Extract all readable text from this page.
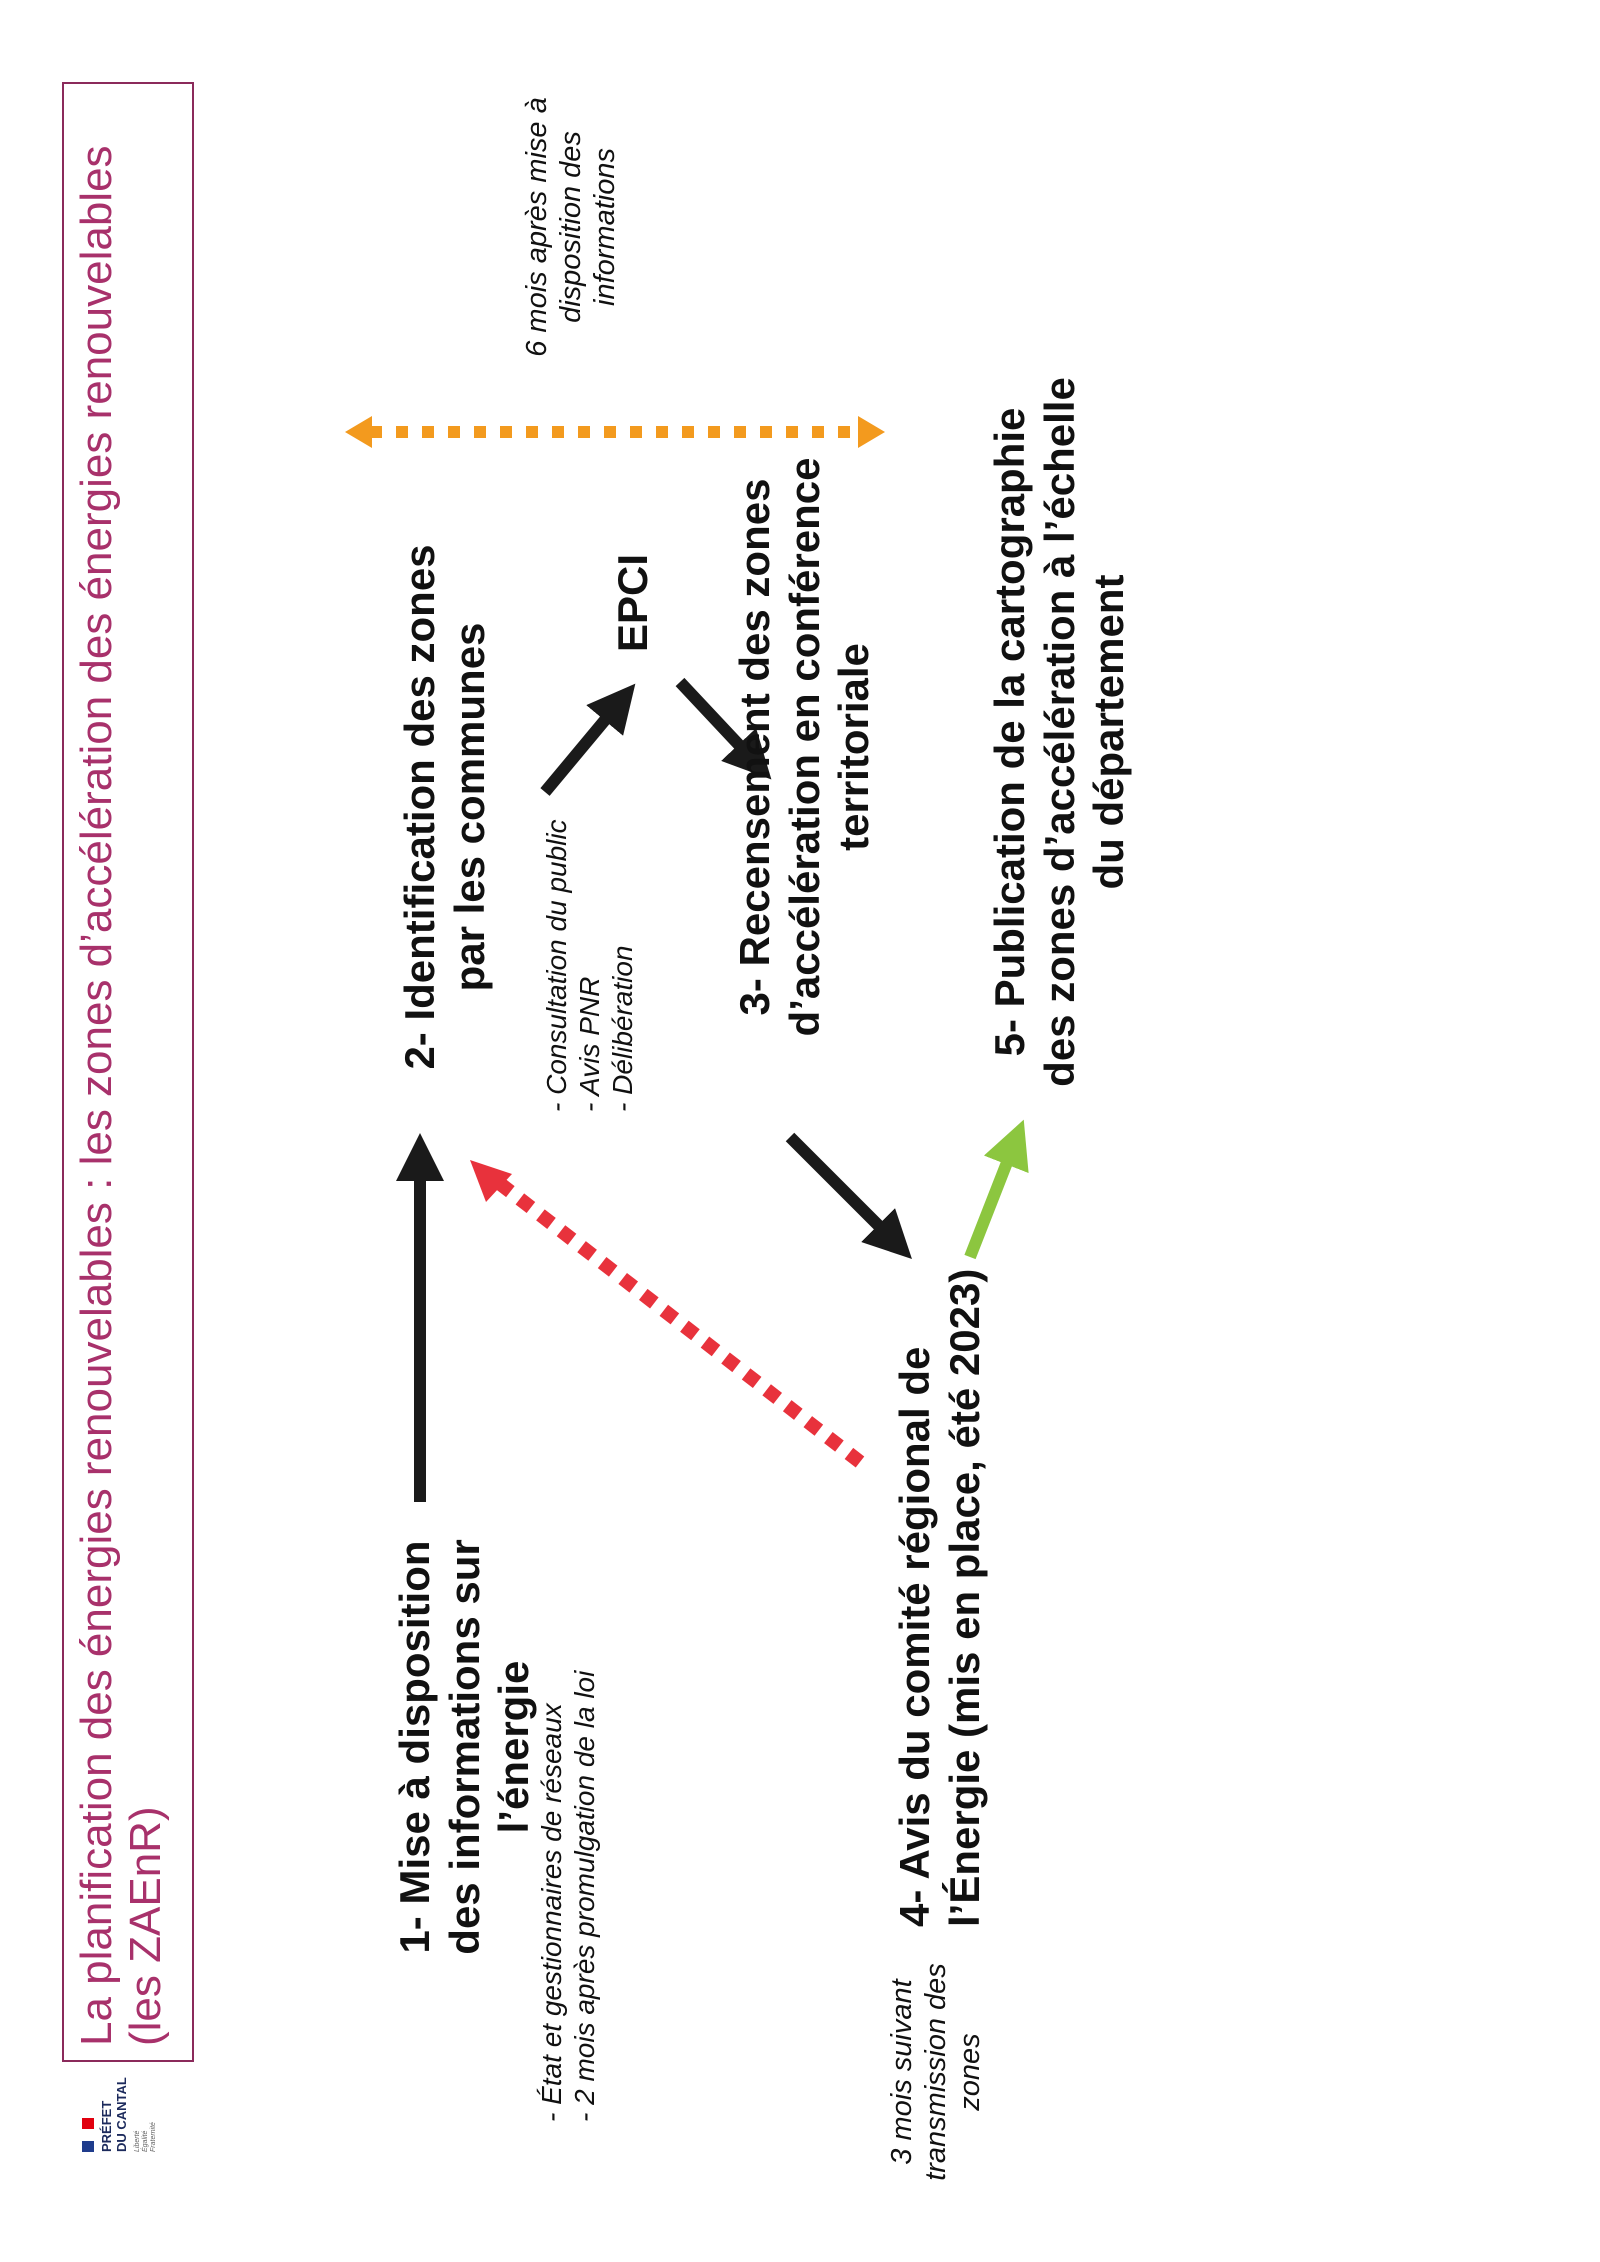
PRÉFET DU CANTAL Liberté Égalité Fraternité
La planification des énergies renouvelables : les zones d’accélération des énergies renouvelables (les ZAEnR)	1- Mise à disposition des informations sur l’énergie
- État et gestionnaires de réseaux - 2 mois après promulgation de la loi
2- Identification des zones par les communes - Consultation du public - Avis PNR - Délibération
EPCI 3- Recensement des zones d’accélération en conférence territoriale
4- Avis du comité régional de l’Énergie (mis en place, été 2023)
5- Publication de la cartographie des zones d’accélération à l’échelle du département
6 mois après mise à disposition des informations
3 mois suivant transmission des zones
